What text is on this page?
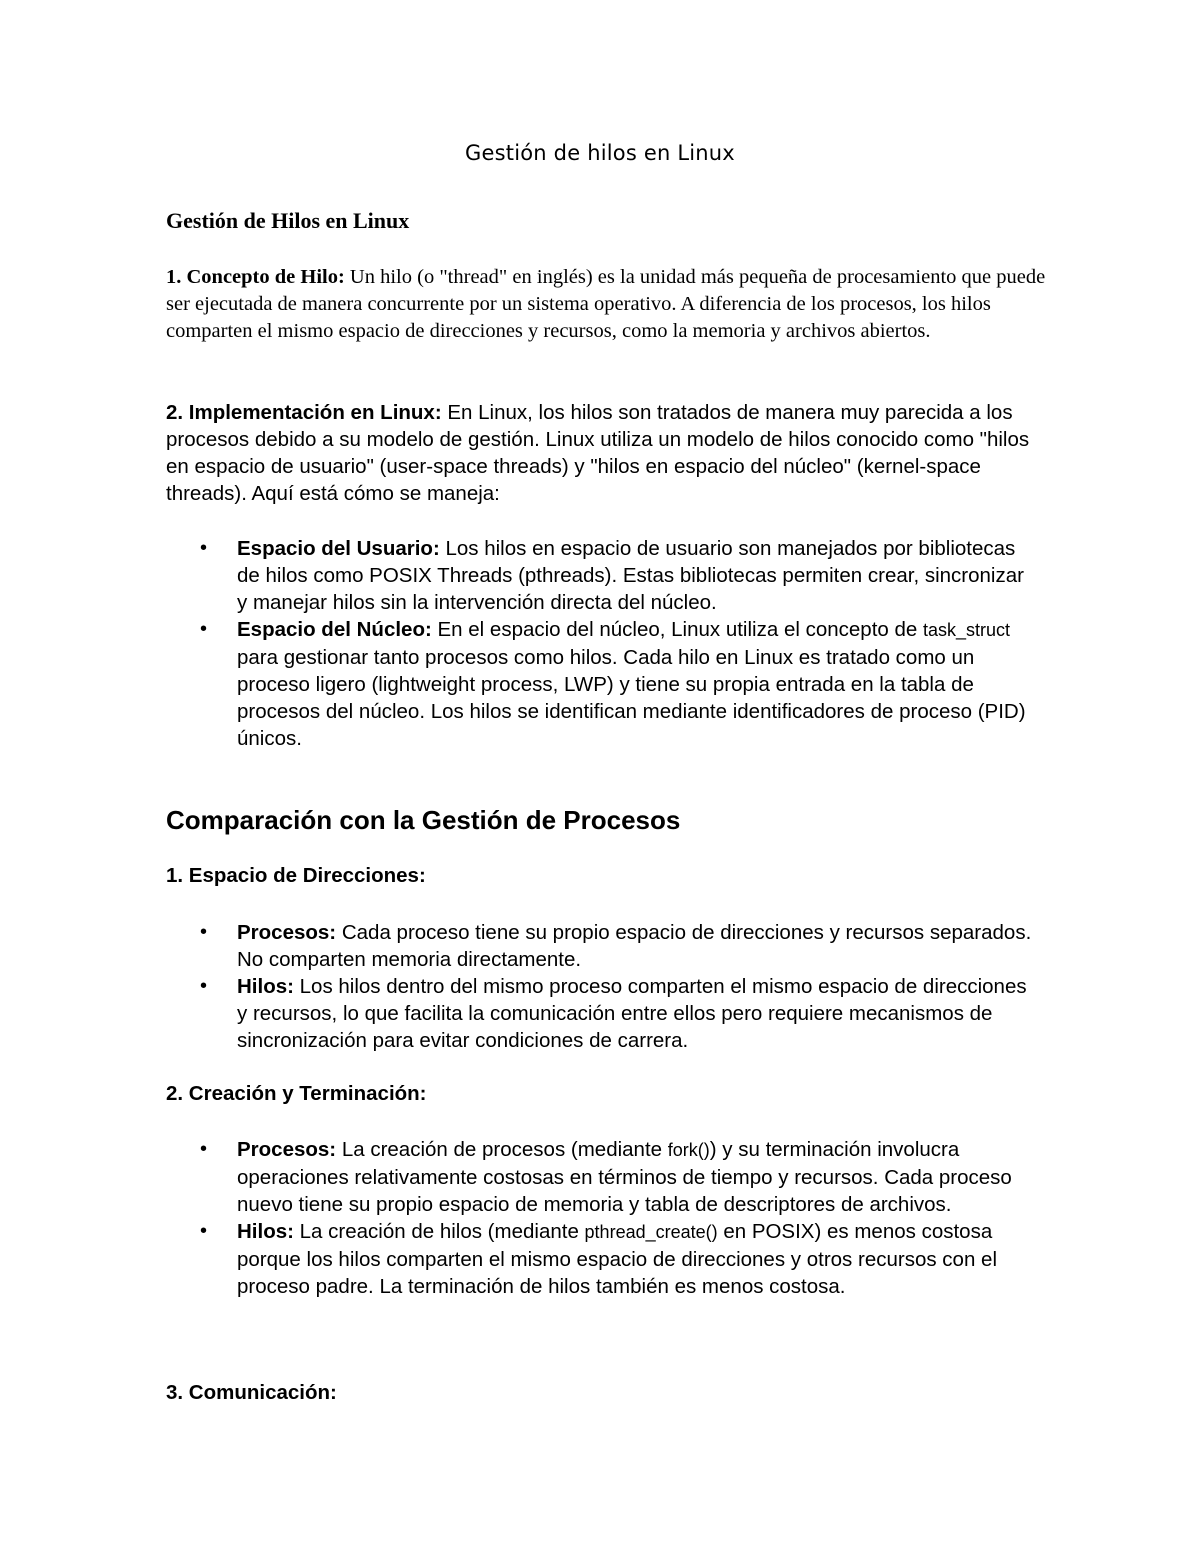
Gestión de hilos en Linux
Gestión de Hilos en Linux
1. Concepto de Hilo: Un hilo (o "thread" en inglés) es la unidad más pequeña de procesamiento que puede ser ejecutada de manera concurrente por un sistema operativo. A diferencia de los procesos, los hilos comparten el mismo espacio de direcciones y recursos, como la memoria y archivos abiertos.
2. Implementación en Linux: En Linux, los hilos son tratados de manera muy parecida a los procesos debido a su modelo de gestión. Linux utiliza un modelo de hilos conocido como "hilos en espacio de usuario" (user-space threads) y "hilos en espacio del núcleo" (kernel-space threads). Aquí está cómo se maneja:
• Espacio del Usuario: Los hilos en espacio de usuario son manejados por bibliotecas de hilos como POSIX Threads (pthreads). Estas bibliotecas permiten crear, sincronizar y manejar hilos sin la intervención directa del núcleo.
• Espacio del Núcleo: En el espacio del núcleo, Linux utiliza el concepto de task_struct para gestionar tanto procesos como hilos. Cada hilo en Linux es tratado como un proceso ligero (lightweight process, LWP) y tiene su propia entrada en la tabla de procesos del núcleo. Los hilos se identifican mediante identificadores de proceso (PID) únicos.
Comparación con la Gestión de Procesos
1. Espacio de Direcciones:
• Procesos: Cada proceso tiene su propio espacio de direcciones y recursos separados. No comparten memoria directamente.
• Hilos: Los hilos dentro del mismo proceso comparten el mismo espacio de direcciones y recursos, lo que facilita la comunicación entre ellos pero requiere mecanismos de sincronización para evitar condiciones de carrera.
2. Creación y Terminación:
• Procesos: La creación de procesos (mediante fork()) y su terminación involucra operaciones relativamente costosas en términos de tiempo y recursos. Cada proceso nuevo tiene su propio espacio de memoria y tabla de descriptores de archivos.
• Hilos: La creación de hilos (mediante pthread_create() en POSIX) es menos costosa porque los hilos comparten el mismo espacio de direcciones y otros recursos con el proceso padre. La terminación de hilos también es menos costosa.
3. Comunicación:
